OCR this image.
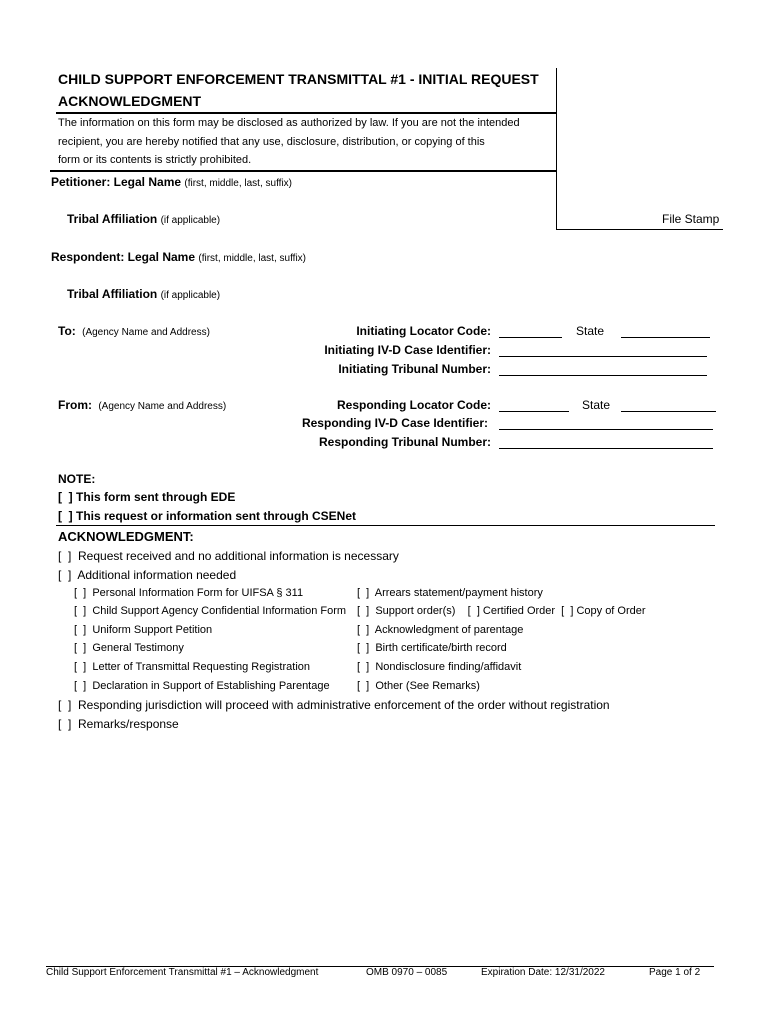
CHILD SUPPORT ENFORCEMENT TRANSMITTAL #1 - INITIAL REQUEST
ACKNOWLEDGMENT
The information on this form may be disclosed as authorized by law. If you are not the intended
recipient, you are hereby notified that any use, disclosure, distribution, or copying of this
form or its contents is strictly prohibited.
File Stamp
Petitioner: Legal Name (first, middle, last, suffix)
Tribal Affiliation (if applicable)
Respondent: Legal Name (first, middle, last, suffix)
Tribal Affiliation (if applicable)
To: (Agency Name and Address)	Initiating Locator Code:	State
Initiating IV-D Case Identifier:
Initiating Tribunal Number:
From: (Agency Name and Address)	Responding Locator Code:	State
Responding IV-D Case Identifier:
Responding Tribunal Number:
NOTE:
[  ] This form sent through EDE
[  ] This request or information sent through CSENet
ACKNOWLEDGMENT:
[  ]  Request received and no additional information is necessary
[  ]  Additional information needed
[  ]  Personal Information Form for UIFSA § 311
[  ]  Child Support Agency Confidential Information Form
[  ]  Uniform Support Petition
[  ]  General Testimony
[  ]  Letter of Transmittal Requesting Registration
[  ]  Declaration in Support of Establishing Parentage
[  ]  Arrears statement/payment history
[  ]  Support order(s)    [  ] Certified Order  [  ] Copy of Order
[  ]  Acknowledgment of parentage
[  ]  Birth certificate/birth record
[  ]  Nondisclosure finding/affidavit
[  ]  Other (See Remarks)
[  ]  Responding jurisdiction will proceed with administrative enforcement of the order without registration
[  ]  Remarks/response
Child Support Enforcement Transmittal #1 – Acknowledgment	OMB 0970 – 0085	Expiration Date: 12/31/2022	Page 1 of 2
